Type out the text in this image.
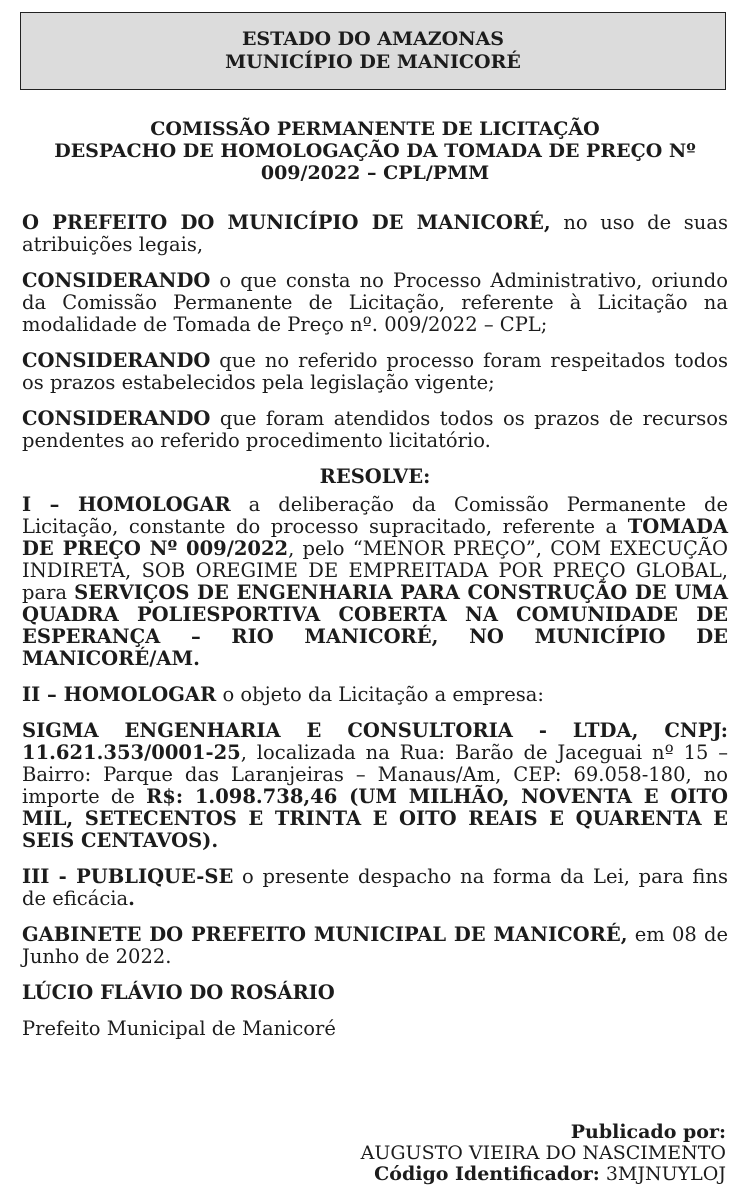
ESTADO DO AMAZONAS
MUNICÍPIO DE MANICORÉ
COMISSÃO PERMANENTE DE LICITAÇÃO
DESPACHO DE HOMOLOGAÇÃO DA TOMADA DE PREÇO Nº
009/2022 – CPL/PMM

O PREFEITO DO MUNICÍPIO DE MANICORÉ, no uso de suas atribuições legais,

CONSIDERANDO o que consta no Processo Administrativo, oriundo da Comissão Permanente de Licitação, referente à Licitação na modalidade de Tomada de Preço nº. 009/2022 – CPL;

CONSIDERANDO que no referido processo foram respeitados todos os prazos estabelecidos pela legislação vigente;

CONSIDERANDO que foram atendidos todos os prazos de recursos pendentes ao referido procedimento licitatório.

RESOLVE:

I – HOMOLOGAR a deliberação da Comissão Permanente de Licitação, constante do processo supracitado, referente a TOMADA DE PREÇO Nº 009/2022, pelo “MENOR PREÇO”, COM EXECUÇÃO INDIRETA, SOB OREGIME DE EMPREITADA POR PREÇO GLOBAL, para SERVIÇOS DE ENGENHARIA PARA CONSTRUÇÃO DE UMA QUADRA POLIESPORTIVA COBERTA NA COMUNIDADE DE ESPERANÇA – RIO MANICORÉ, NO MUNICÍPIO DE MANICORÉ/AM.

II – HOMOLOGAR o objeto da Licitação a empresa:

SIGMA ENGENHARIA E CONSULTORIA - LTDA, CNPJ: 11.621.353/0001-25, localizada na Rua: Barão de Jaceguai nº 15 – Bairro: Parque das Laranjeiras – Manaus/Am, CEP: 69.058-180, no importe de R$: 1.098.738,46 (UM MILHÃO, NOVENTA E OITO MIL, SETECENTOS E TRINTA E OITO REAIS E QUARENTA E SEIS CENTAVOS).

III - PUBLIQUE-SE o presente despacho na forma da Lei, para fins de eficácia.

GABINETE DO PREFEITO MUNICIPAL DE MANICORÉ, em 08 de Junho de 2022.

LÚCIO FLÁVIO DO ROSÁRIO

Prefeito Municipal de Manicoré

Publicado por:
AUGUSTO VIEIRA DO NASCIMENTO
Código Identificador: 3MJNUYLOJ
